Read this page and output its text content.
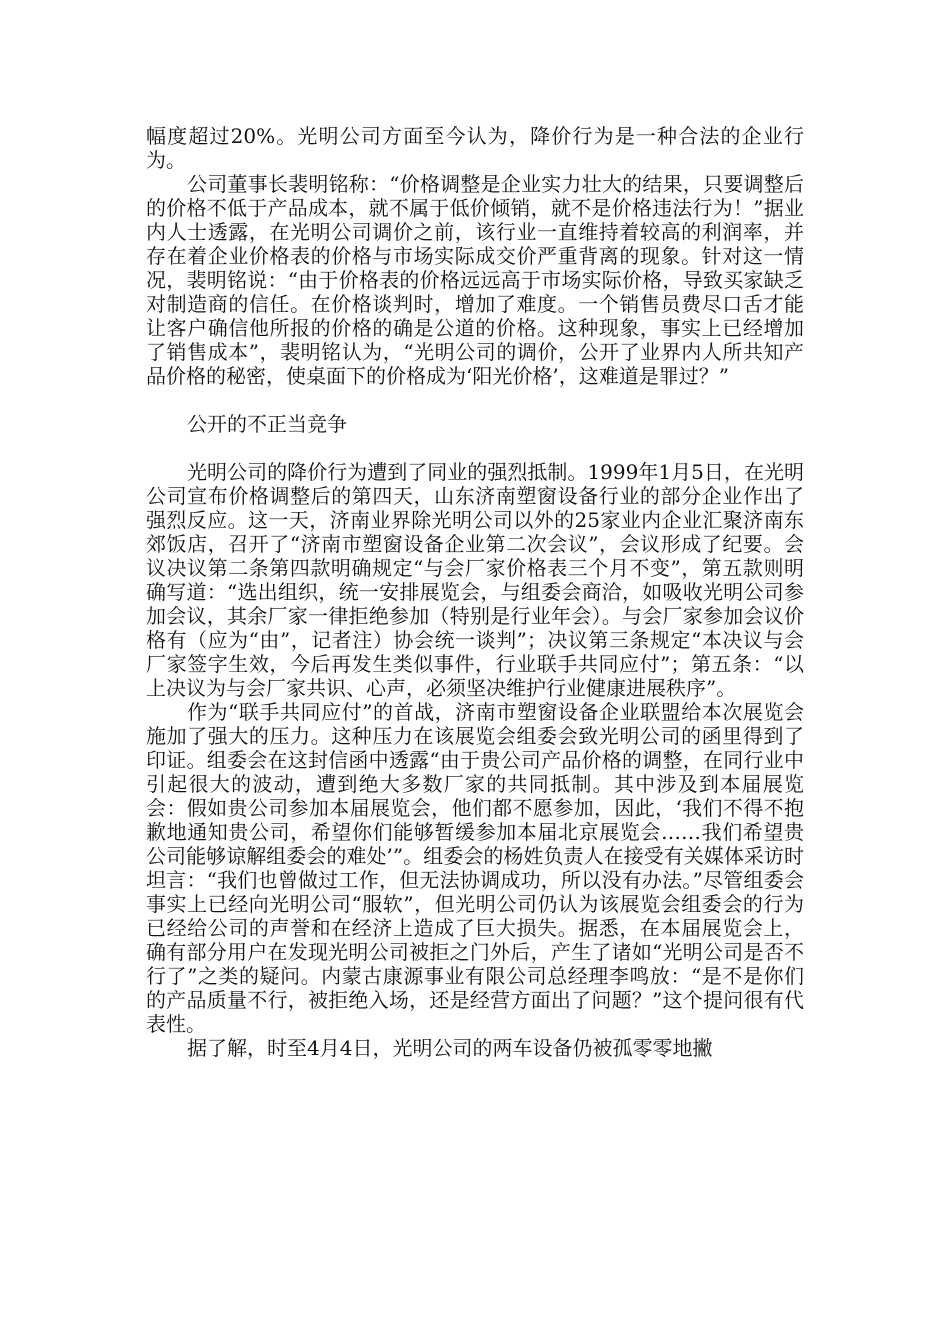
幅度超过20%。光明公司方面至今认为，降价行为是一种合法的企业行为。

公司董事长裴明铭称：“价格调整是企业实力壮大的结果，只要调整后的价格不低于产品成本，就不属于低价倾销，就不是价格违法行为！”据业内人士透露，在光明公司调价之前，该行业一直维持着较高的利润率，并存在着企业价格表的价格与市场实际成交价严重背离的现象。针对这一情况，裴明铭说：“由于价格表的价格远远高于市场实际价格，导致买家缺乏对制造商的信任。在价格谈判时，增加了难度。一个销售员费尽口舌才能让客户确信他所报的价格的确是公道的价格。这种现象，事实上已经增加了销售成本”，裴明铭认为，“光明公司的调价，公开了业界内人所共知产品价格的秘密，使桌面下的价格成为‘阳光价格’，这难道是罪过？”

公开的不正当竞争

光明公司的降价行为遭到了同业的强烈抵制。1999年1月5日，在光明公司宣布价格调整后的第四天，山东济南塑窗设备行业的部分企业作出了强烈反应。这一天，济南业界除光明公司以外的25家业内企业汇聚济南东郊饭店，召开了“济南市塑窗设备企业第二次会议”，会议形成了纪要。会议决议第二条第四款明确规定“与会厂家价格表三个月不变”，第五款则明确写道：“选出组织，统一安排展览会，与组委会商洽，如吸收光明公司参加会议，其余厂家一律拒绝参加（特别是行业年会）。与会厂家参加会议价格有（应为“由”，记者注）协会统一谈判”；决议第三条规定“本决议与会厂家签字生效，今后再发生类似事件，行业联手共同应付”；第五条：“以上决议为与会厂家共识、心声，必须坚决维护行业健康进展秩序”。

作为“联手共同应付”的首战，济南市塑窗设备企业联盟给本次展览会施加了强大的压力。这种压力在该展览会组委会致光明公司的函里得到了印证。组委会在这封信函中透露“由于贵公司产品价格的调整，在同行业中引起很大的波动，遭到绝大多数厂家的共同抵制。其中涉及到本届展览会：假如贵公司参加本届展览会，他们都不愿参加，因此，‘我们不得不抱歉地通知贵公司，希望你们能够暂缓参加本届北京展览会……我们希望贵公司能够谅解组委会的难处’”。组委会的杨姓负责人在接受有关媒体采访时坦言：“我们也曾做过工作，但无法协调成功，所以没有办法。”尽管组委会事实上已经向光明公司“服软”，但光明公司仍认为该展览会组委会的行为已经给公司的声誉和在经济上造成了巨大损失。据悉，在本届展览会上，确有部分用户在发现光明公司被拒之门外后，产生了诸如“光明公司是否不行了”之类的疑问。内蒙古康源事业有限公司总经理李鸣放：“是不是你们的产品质量不行，被拒绝入场，还是经营方面出了问题？”这个提问很有代表性。

据了解，时至4月4日，光明公司的两车设备仍被孤零零地撇
